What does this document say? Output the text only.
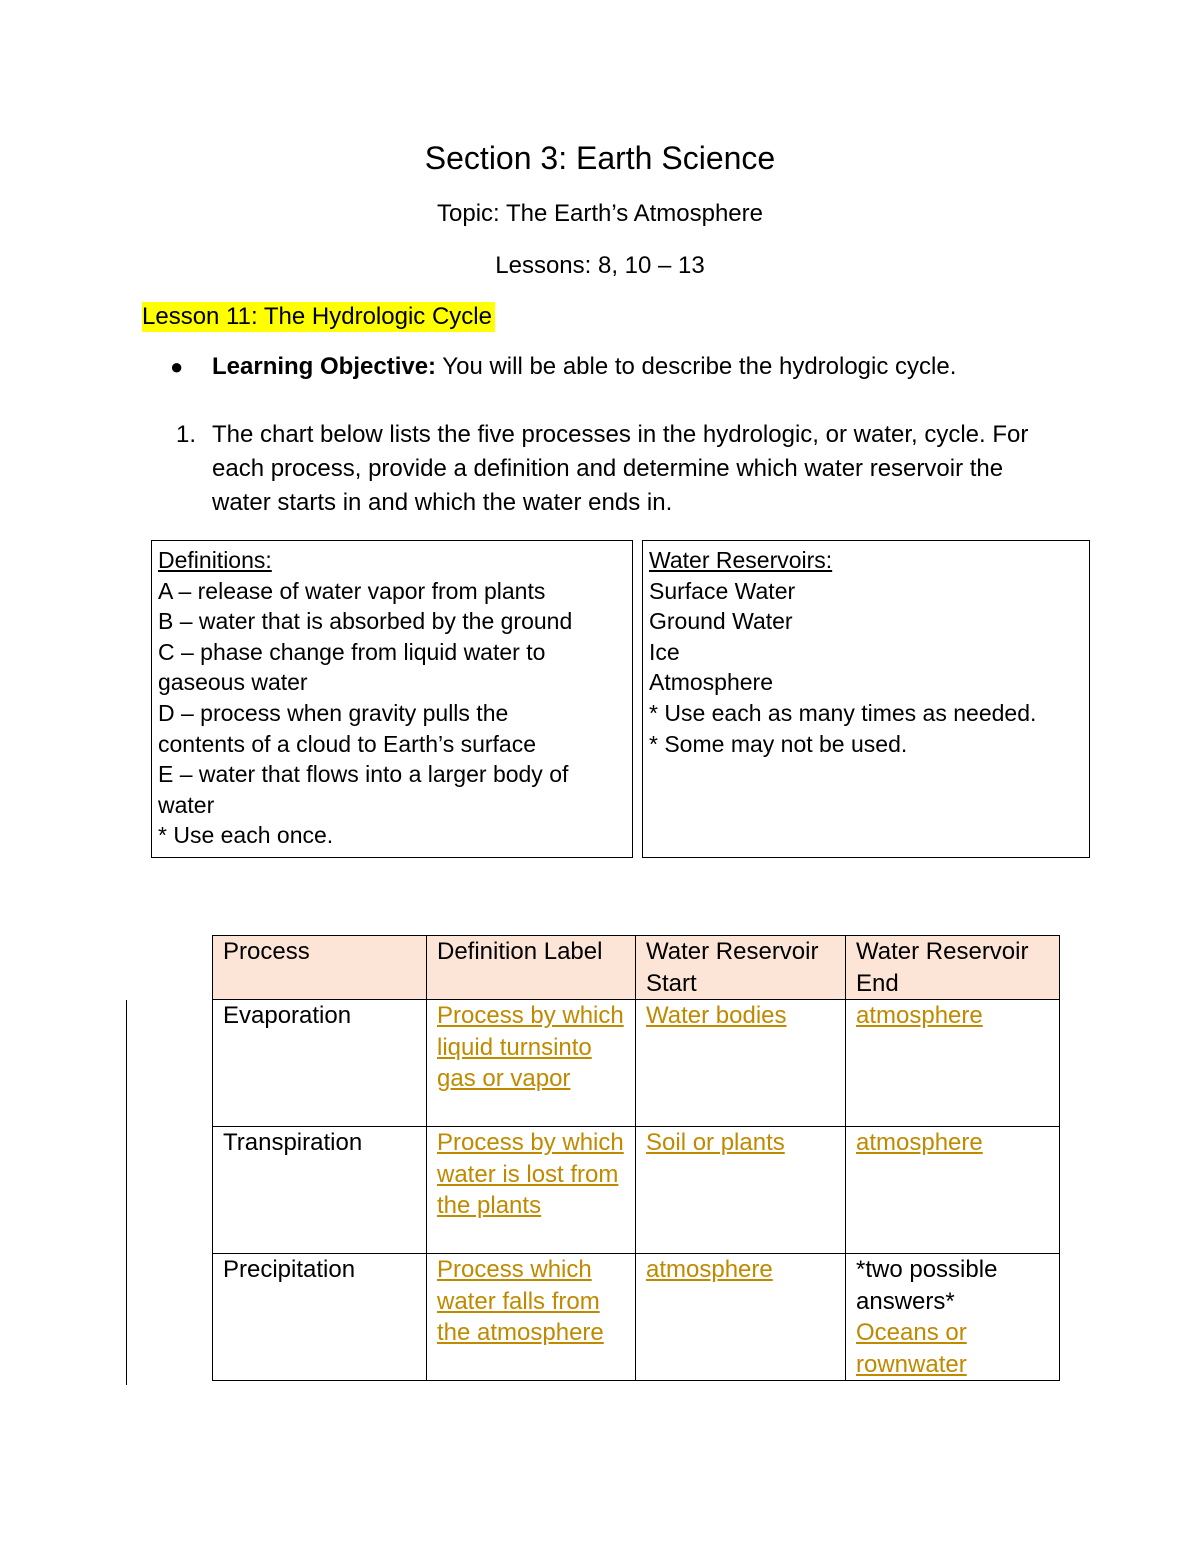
Section 3: Earth Science
Topic: The Earth’s Atmosphere
Lessons: 8, 10 – 13
Lesson 11: The Hydrologic Cycle
●	Learning Objective: You will be able to describe the hydrologic cycle.
1. The chart below lists the five processes in the hydrologic, or water, cycle. For each process, provide a definition and determine which water reservoir the water starts in and which the water ends in.
Definitions:
A – release of water vapor from plants
B – water that is absorbed by the ground
C – phase change from liquid water to
gaseous water
D – process when gravity pulls the
contents of a cloud to Earth’s surface
E – water that flows into a larger body of
water
* Use each once.
Water Reservoirs:
Surface Water
Ground Water
Ice
Atmosphere
* Use each as many times as needed.
* Some may not be used.
Process	Definition Label	Water Reservoir Start	Water Reservoir End
Evaporation	Process by which liquid turnsinto gas or vapor	Water bodies	atmosphere
Transpiration	Process by which water is lost from the plants	Soil or plants	atmosphere
Precipitation	Process which water falls from the atmosphere	atmosphere	*two possible answers*
Oceans or rownwater
